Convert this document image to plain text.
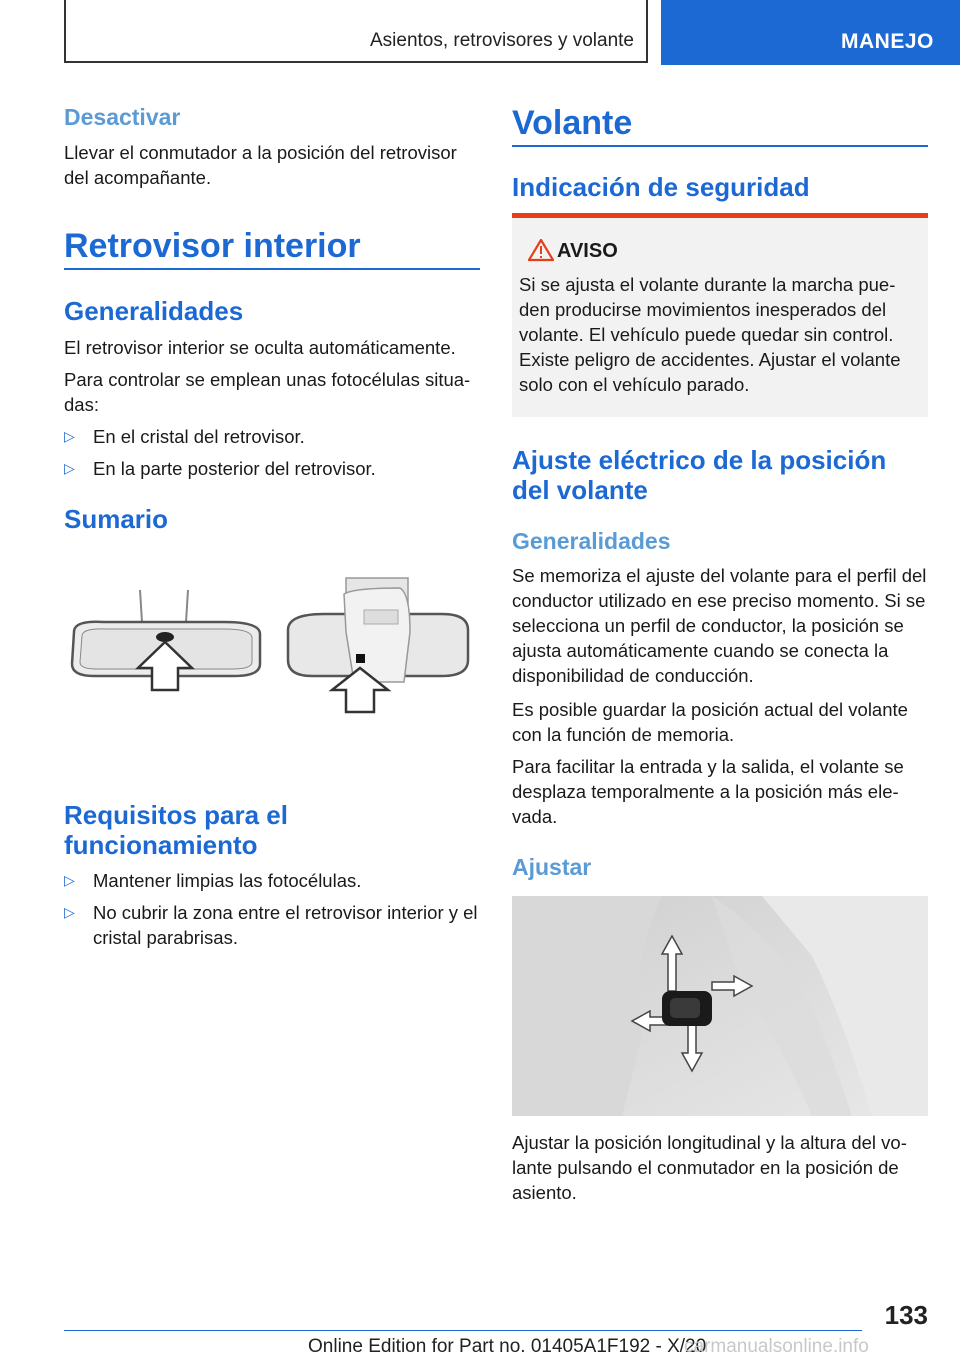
Asientos, retrovisores y volante	MANEJO
Desactivar
Llevar el conmutador a la posición del retrovisor del acompañante.
Retrovisor interior
Generalidades
El retrovisor interior se oculta automáticamente.
Para controlar se emplean unas fotocélulas situadas:
▷ En el cristal del retrovisor.
▷ En la parte posterior del retrovisor.
Sumario
Requisitos para el funcionamiento
▷ Mantener limpias las fotocélulas.
▷ No cubrir la zona entre el retrovisor interior y el cristal parabrisas.
Volante
Indicación de seguridad
AVISO
Si se ajusta el volante durante la marcha pueden producirse movimientos inesperados del volante. El vehículo puede quedar sin control. Existe peligro de accidentes. Ajustar el volante solo con el vehículo parado.
Ajuste eléctrico de la posición del volante
Generalidades
Se memoriza el ajuste del volante para el perfil del conductor utilizado en ese preciso momento. Si se selecciona un perfil de conductor, la posición se ajusta automáticamente cuando se conecta la disponibilidad de conducción.
Es posible guardar la posición actual del volante con la función de memoria.
Para facilitar la entrada y la salida, el volante se desplaza temporalmente a la posición más elevada.
Ajustar
Ajustar la posición longitudinal y la altura del volante pulsando el conmutador en la posición de asiento.
133
Online Edition for Part no. 01405A1F192 - X/20
carmanualsonline.info
